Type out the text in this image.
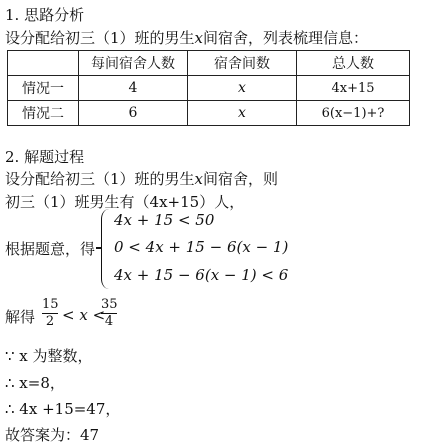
1. 思路分析
设分配给初三（1）班的男生x间宿舍，列表梳理信息：
	每间宿舍人数	宿舍间数	总人数
情况一	4	x	4x+15
情况二	6	x	6(x−1)+?
2. 解题过程
设分配给初三（1）班的男生x间宿舍，则
初三（1）班男生有（4x+15）人，
根据题意，得
4x + 15 < 50
0 < 4x + 15 − 6(x − 1)
4x + 15 − 6(x − 1) < 6
解得 $\frac{15}{2} < x$ <
$\frac{35}{4}$
∵ x 为整数，
∴ x=8，
∴ 4x +15=47，
故答案为：47
